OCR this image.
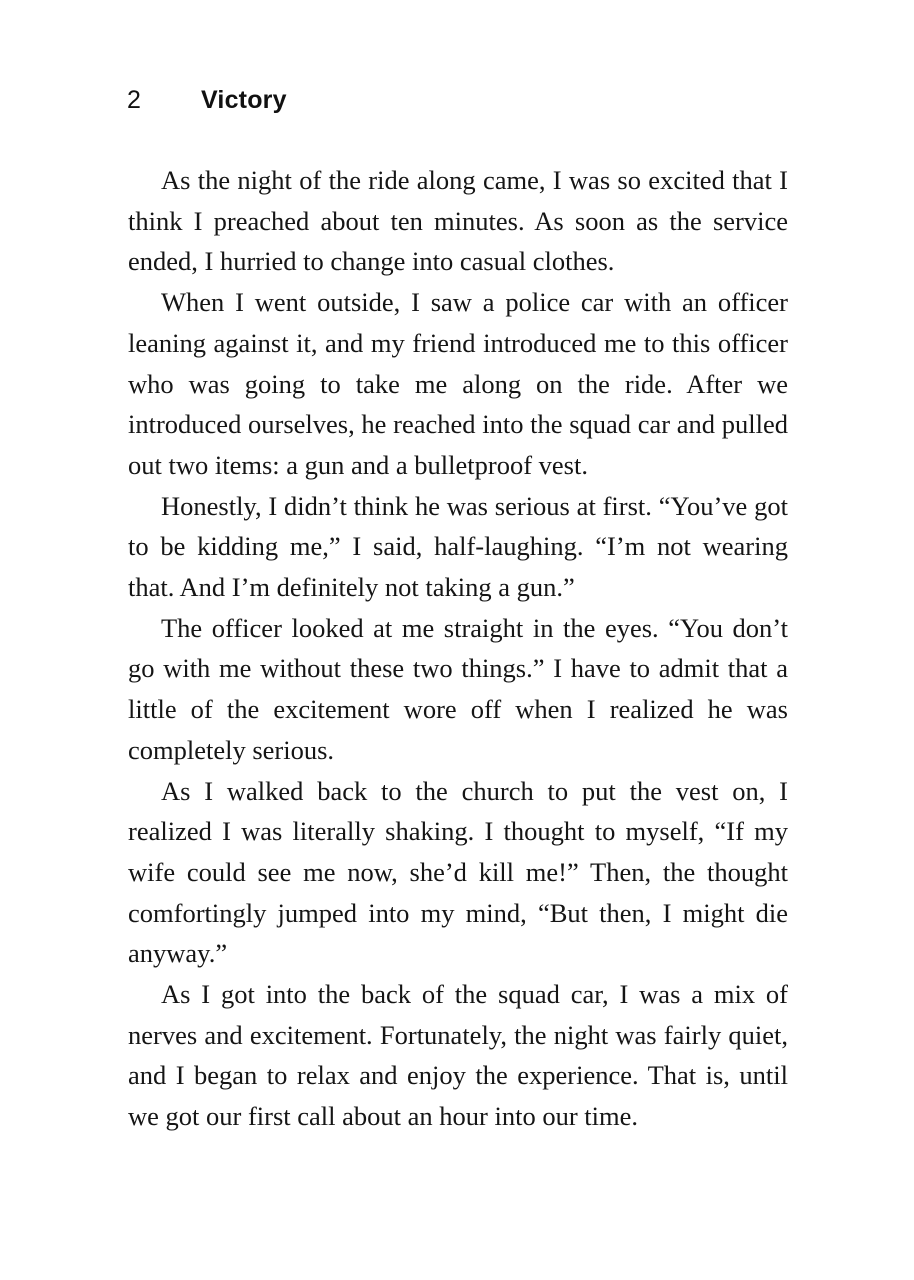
2	Victory

As the night of the ride along came, I was so excited that I think I preached about ten minutes. As soon as the service ended, I hurried to change into casual clothes.

When I went outside, I saw a police car with an officer leaning against it, and my friend introduced me to this officer who was going to take me along on the ride. After we introduced ourselves, he reached into the squad car and pulled out two items: a gun and a bulletproof vest.

Honestly, I didn’t think he was serious at first. “You’ve got to be kidding me,” I said, half-laughing. “I’m not wearing that. And I’m definitely not taking a gun.”

The officer looked at me straight in the eyes. “You don’t go with me without these two things.” I have to admit that a little of the excitement wore off when I realized he was completely serious.

As I walked back to the church to put the vest on, I realized I was literally shaking. I thought to myself, “If my wife could see me now, she’d kill me!” Then, the thought comfortingly jumped into my mind, “But then, I might die anyway.”

As I got into the back of the squad car, I was a mix of nerves and excitement. Fortunately, the night was fairly quiet, and I began to relax and enjoy the experience. That is, until we got our first call about an hour into our time.
